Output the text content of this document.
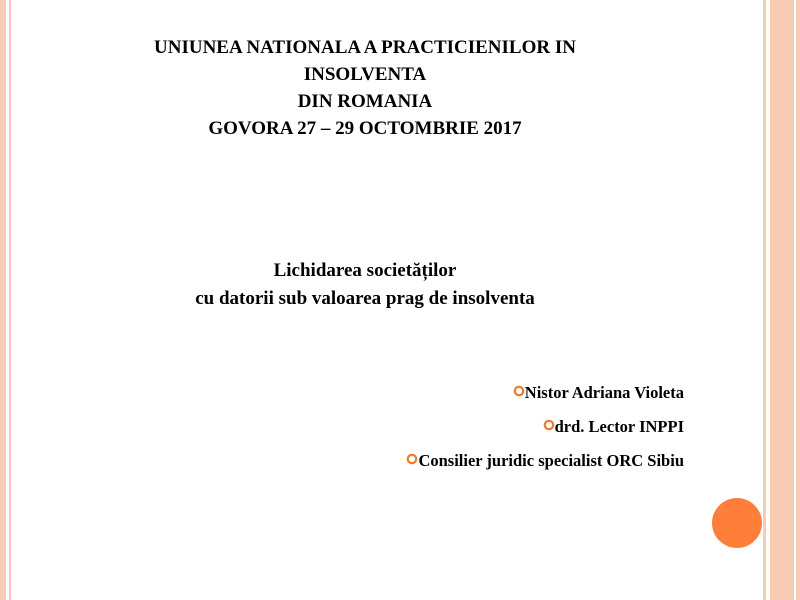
UNIUNEA NATIONALA A PRACTICIENILOR IN
INSOLVENTA
DIN ROMANIA
GOVORA 27 – 29 OCTOMBRIE 2017
Lichidarea societăților
cu datorii sub valoarea prag de insolventa
Nistor Adriana Violeta
drd. Lector INPPI
Consilier juridic specialist ORC Sibiu
